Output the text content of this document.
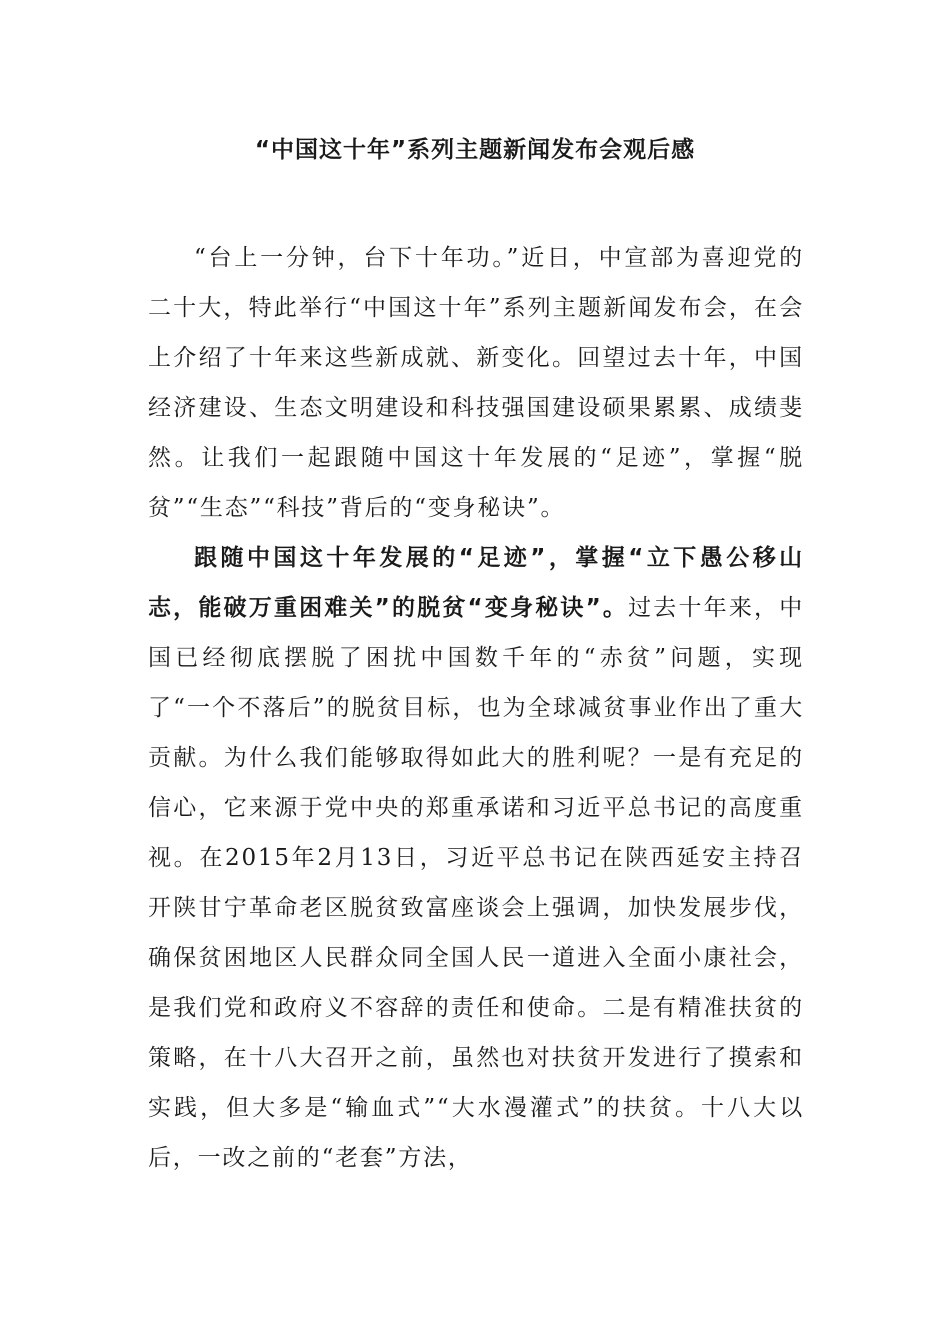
“中国这十年”系列主题新闻发布会观后感

“台上一分钟，台下十年功。”近日，中宣部为喜迎党的二十大，特此举行“中国这十年”系列主题新闻发布会，在会上介绍了十年来这些新成就、新变化。回望过去十年，中国经济建设、生态文明建设和科技强国建设硕果累累、成绩斐然。让我们一起跟随中国这十年发展的“足迹”，掌握“脱贫”“生态”“科技”背后的“变身秘诀”。

跟随中国这十年发展的“足迹”，掌握“立下愚公移山志，能破万重困难关”的脱贫“变身秘诀”。过去十年来，中国已经彻底摆脱了困扰中国数千年的“赤贫”问题，实现了“一个不落后”的脱贫目标，也为全球减贫事业作出了重大贡献。为什么我们能够取得如此大的胜利呢？一是有充足的信心，它来源于党中央的郑重承诺和习近平总书记的高度重视。在2015年2月13日，习近平总书记在陕西延安主持召开陕甘宁革命老区脱贫致富座谈会上强调，加快发展步伐，确保贫困地区人民群众同全国人民一道进入全面小康社会，是我们党和政府义不容辞的责任和使命。二是有精准扶贫的策略，在十八大召开之前，虽然也对扶贫开发进行了摸索和实践，但大多是“输血式”“大水漫灌式”的扶贫。十八大以后，一改之前的“老套”方法，
